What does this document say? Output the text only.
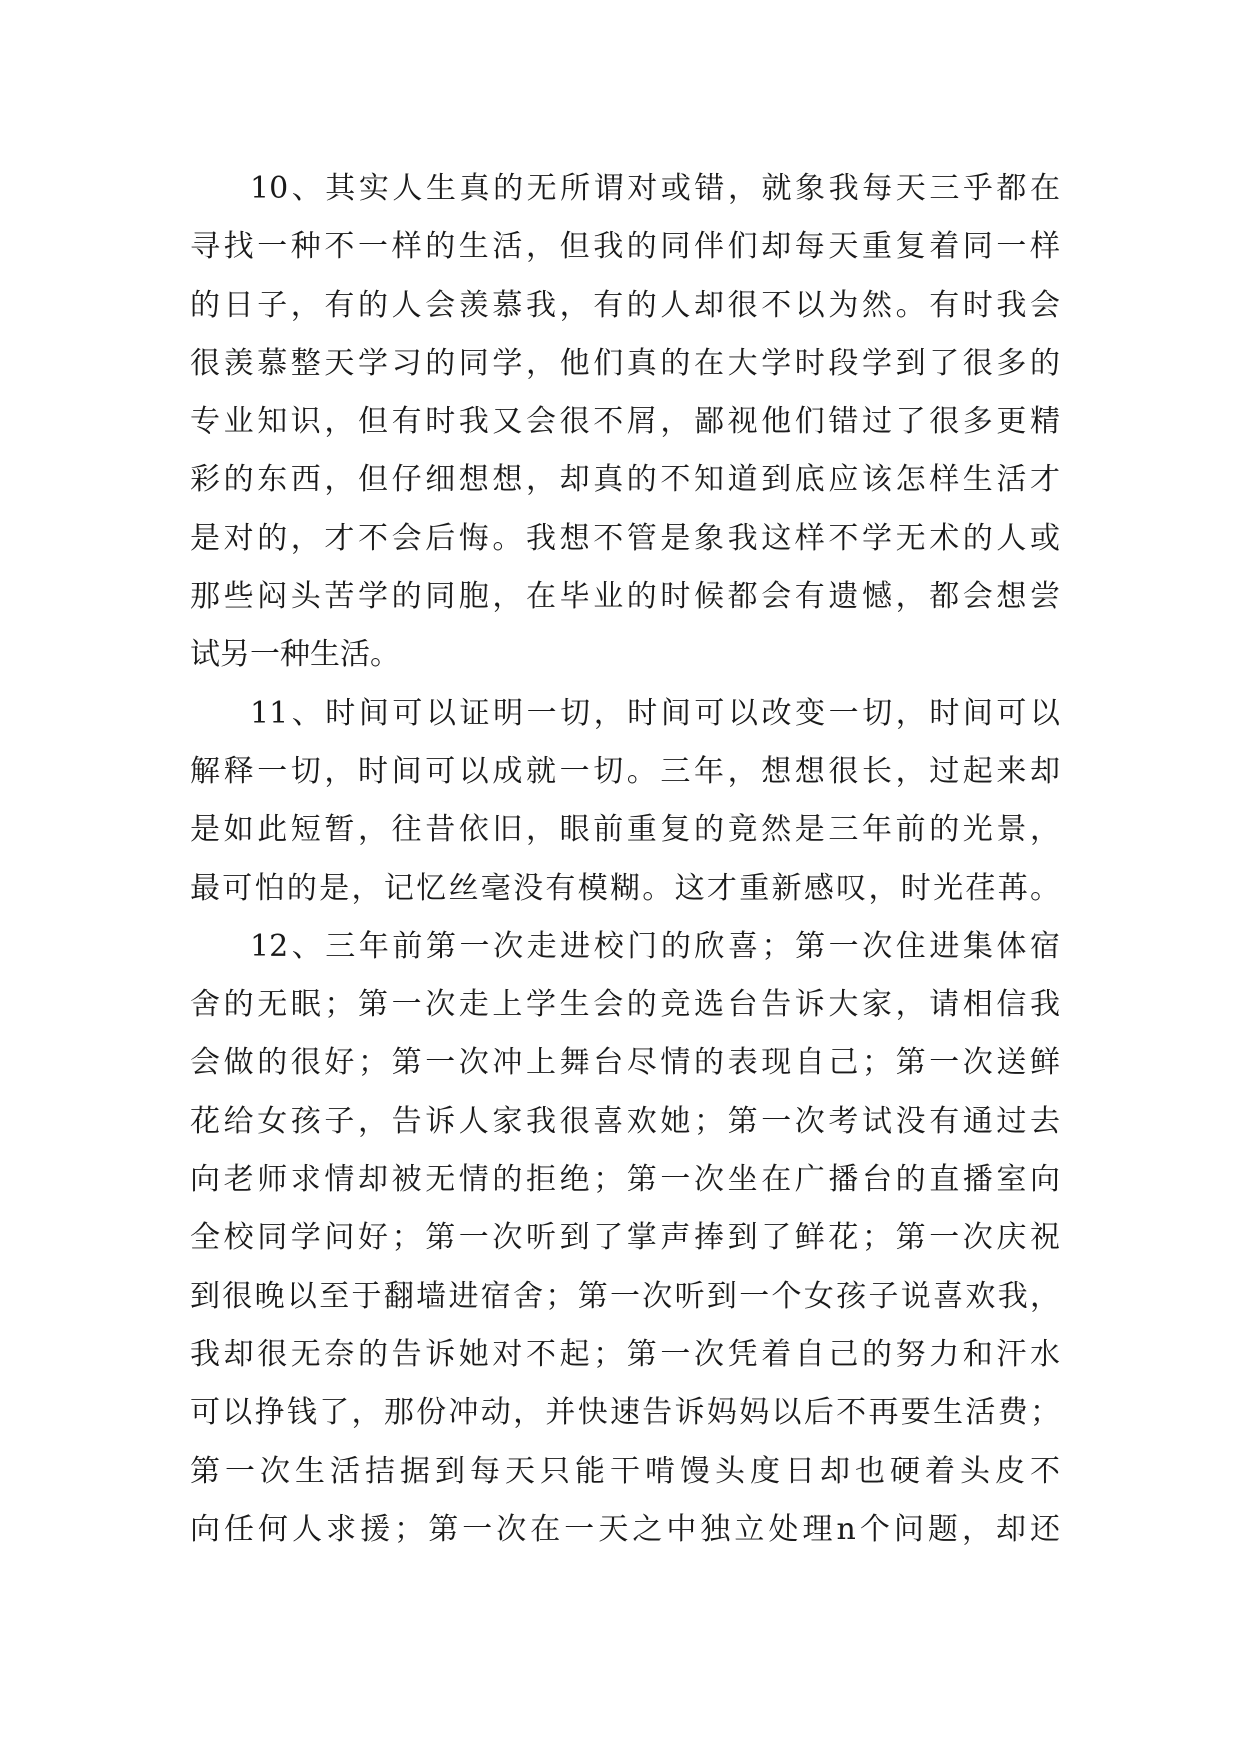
10、其实人生真的无所谓对或错，就象我每天三乎都在
寻找一种不一样的生活，但我的同伴们却每天重复着同一样
的日子，有的人会羡慕我，有的人却很不以为然。有时我会
很羡慕整天学习的同学，他们真的在大学时段学到了很多的
专业知识，但有时我又会很不屑，鄙视他们错过了很多更精
彩的东西，但仔细想想，却真的不知道到底应该怎样生活才
是对的，才不会后悔。我想不管是象我这样不学无术的人或
那些闷头苦学的同胞，在毕业的时候都会有遗憾，都会想尝
试另一种生活。
11、时间可以证明一切，时间可以改变一切，时间可以
解释一切，时间可以成就一切。三年，想想很长，过起来却
是如此短暂，往昔依旧，眼前重复的竟然是三年前的光景，
最可怕的是，记忆丝毫没有模糊。这才重新感叹，时光荏苒。
12、三年前第一次走进校门的欣喜；第一次住进集体宿
舍的无眠；第一次走上学生会的竞选台告诉大家，请相信我
会做的很好；第一次冲上舞台尽情的表现自己；第一次送鲜
花给女孩子，告诉人家我很喜欢她；第一次考试没有通过去
向老师求情却被无情的拒绝；第一次坐在广播台的直播室向
全校同学问好；第一次听到了掌声捧到了鲜花；第一次庆祝
到很晚以至于翻墙进宿舍；第一次听到一个女孩子说喜欢我，
我却很无奈的告诉她对不起；第一次凭着自己的努力和汗水
可以挣钱了，那份冲动，并快速告诉妈妈以后不再要生活费；
第一次生活拮据到每天只能干啃馒头度日却也硬着头皮不
向任何人求援；第一次在一天之中独立处理n个问题，却还
